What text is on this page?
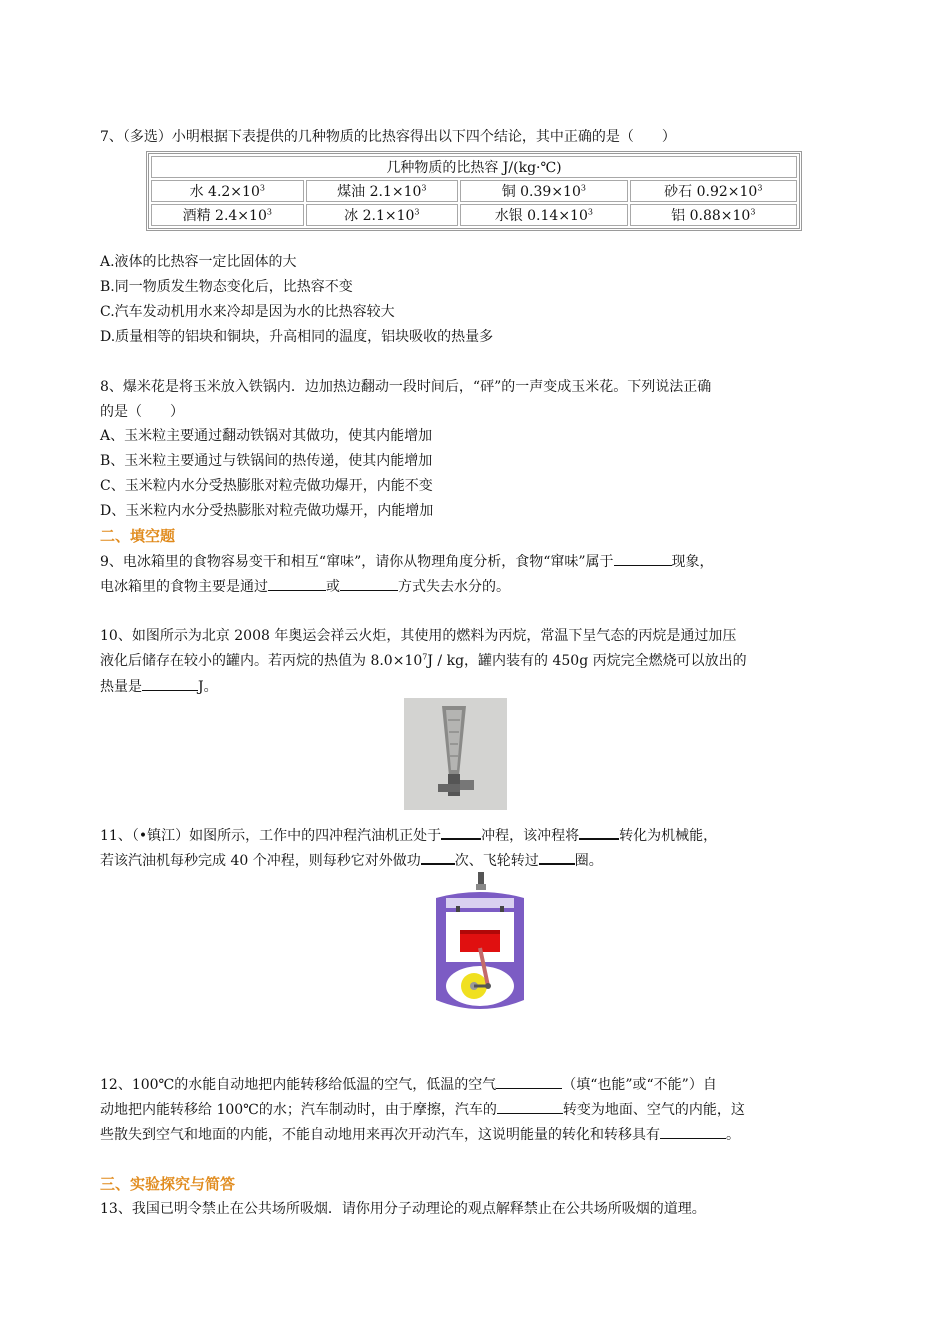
7、（多选）小明根据下表提供的几种物质的比热容得出以下四个结论，其中正确的是（　　）
几种物质的比热容 J/(kg·℃)			
水 $4.2\times 10^3$	煤油 $2.1\times 10^3$	铜 $0.39\times 10^3$	砂石 $0.92\times 10^3$
酒精 $2.4\times 10^3$	冰 $2.1\times 10^3$	水银 $0.14\times 10^3$	铝 $0.88\times 10^3$
A.液体的比热容一定比固体的大
B.同一物质发生物态变化后，比热容不变
C.汽车发动机用水来冷却是因为水的比热容较大
D.质量相等的铝块和铜块，升高相同的温度，铝块吸收的热量多
8、爆米花是将玉米放入铁锅内．边加热边翻动一段时间后，“砰”的一声变成玉米花。下列说法正确
的是（　　）
A、玉米粒主要通过翻动铁锅对其做功，使其内能增加
B、玉米粒主要通过与铁锅间的热传递，使其内能增加
C、玉米粒内水分受热膨胀对粒壳做功爆开，内能不变
D、玉米粒内水分受热膨胀对粒壳做功爆开，内能增加
二、填空题
9、电冰箱里的食物容易变干和相互“窜味”，请你从物理角度分析，食物“窜味”属于	现象，
电冰箱里的食物主要是通过	或	方式失去水分的。
10、如图所示为北京 2008 年奥运会祥云火炬，其使用的燃料为丙烷，常温下呈气态的丙烷是通过加压
液化后储存在较小的罐内。若丙烷的热值为 $8.0\times 10^7J$ / kg，罐内装有的 450g 丙烷完全燃烧可以放出的
热量是	J。
11、（•镇江）如图所示，工作中的四冲程汽油机正处于	冲程，该冲程将	转化为机械能，
若该汽油机每秒完成 40 个冲程，则每秒它对外做功 次、飞轮转过	圈。
12、100℃的水能自动地把内能转移给低温的空气，低温的空气	（填“也能”或“不能”）自
动地把内能转移给 100℃的水；汽车制动时，由于摩擦，汽车的	转变为地面、空气的内能，这
些散失到空气和地面的内能，不能自动地用来再次开动汽车，这说明能量的转化和转移具有	。
三、实验探究与简答
13、我国已明令禁止在公共场所吸烟．请你用分子动理论的观点解释禁止在公共场所吸烟的道理。
